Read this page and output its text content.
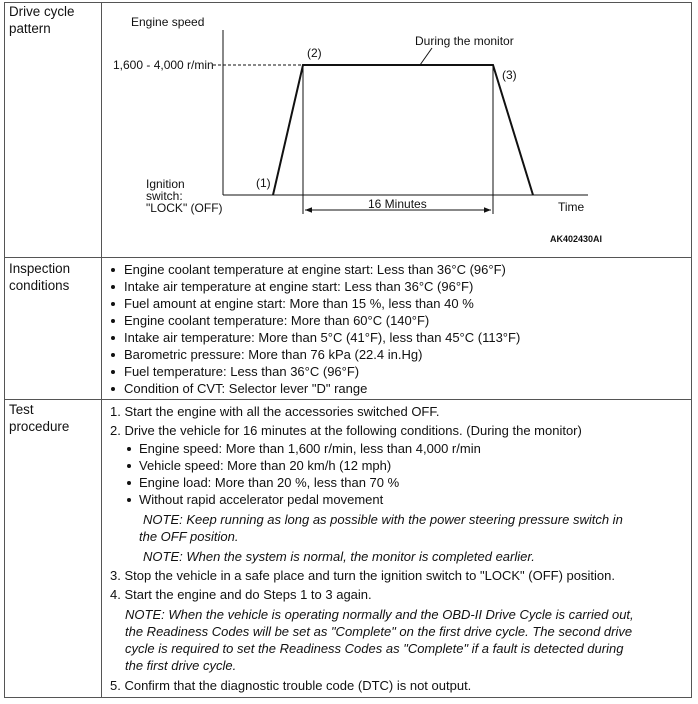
Drive cycle pattern
Inspection conditions
Test procedure
Engine speed
1,600 - 4,000 r/min
During the monitor
(2)
(3)
(1)
Ignition
switch:
"LOCK" (OFF)	16 Minutes	Time
AK402430AI
Engine coolant temperature at engine start: Less than 36°C (96°F)
Intake air temperature at engine start: Less than 36°C (96°F)
Fuel amount at engine start: More than 15 %, less than 40 %
Engine coolant temperature: More than 60°C (140°F)
Intake air temperature: More than 5°C (41°F), less than 45°C (113°F)
Barometric pressure: More than 76 kPa (22.4 in.Hg)
Fuel temperature: Less than 36°C (96°F)
Condition of CVT: Selector lever "D" range
1. Start the engine with all the accessories switched OFF.
2. Drive the vehicle for 16 minutes at the following conditions. (During the monitor)
Engine speed: More than 1,600 r/min, less than 4,000 r/min
Vehicle speed: More than 20 km/h (12 mph)
Engine load: More than 20 %, less than 70 %
Without rapid accelerator pedal movement
NOTE: Keep running as long as possible with the power steering pressure switch in
the OFF position.
NOTE: When the system is normal, the monitor is completed earlier.
3. Stop the vehicle in a safe place and turn the ignition switch to "LOCK" (OFF) position.
4. Start the engine and do Steps 1 to 3 again.
NOTE: When the vehicle is operating normally and the OBD-II Drive Cycle is carried out,
the Readiness Codes will be set as "Complete" on the first drive cycle. The second drive
cycle is required to set the Readiness Codes as "Complete" if a fault is detected during
the first drive cycle.
5. Confirm that the diagnostic trouble code (DTC) is not output.
